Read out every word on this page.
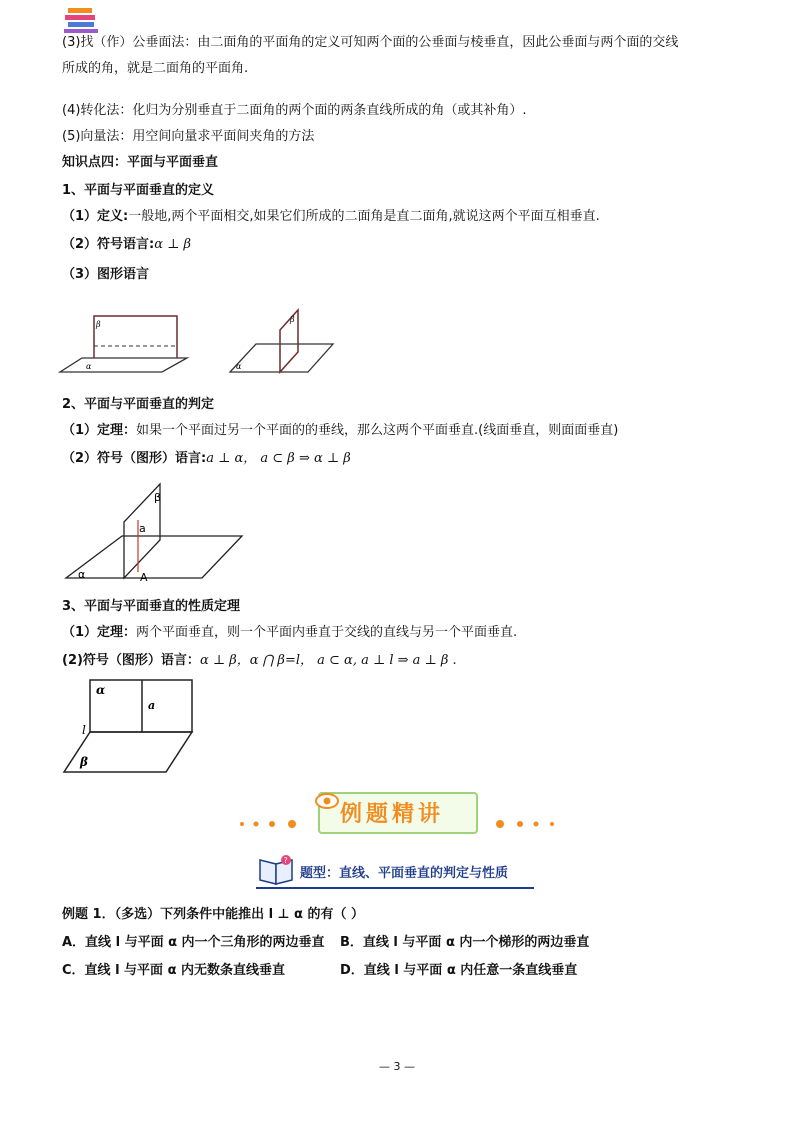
(3)找（作）公垂面法：由二面角的平面角的定义可知两个面的公垂面与棱垂直，因此公垂面与两个面的交线
所成的角，就是二面角的平面角.
(4)转化法：化归为分别垂直于二面角的两个面的两条直线所成的角（或其补角）.
(5)向量法：用空间向量求平面间夹角的方法
知识点四：平面与平面垂直
1、平面与平面垂直的定义
（1）定义:一般地,两个平面相交,如果它们所成的二面角是直二面角,就说这两个平面互相垂直.
（2）符号语言:α ⊥ β
（3）图形语言
β
α
β
α
2、平面与平面垂直的判定
（1）定理：如果一个平面过另一个平面的的垂线，那么这两个平面垂直.(线面垂直，则面面垂直)
（2）符号（图形）语言:a ⊥ α， a ⊂ β ⇒ α ⊥ β
β
a
α	A
3、平面与平面垂直的性质定理
（1）定理：两个平面垂直，则一个平面内垂直于交线的直线与另一个平面垂直.
(2)符号（图形）语言：α ⊥ β，α ⋂ β=l， a ⊂ α, a ⊥ l ⇒ a ⊥ β .
α
a
l
β
例题精讲
?
题型：直线、平面垂直的判定与性质
例题 1．（多选）下列条件中能推出 l ⊥ α 的有（ ）
A．直线 l 与平面 α 内一个三角形的两边垂直 B．直线 l 与平面 α 内一个梯形的两边垂直
C．直线 l 与平面 α 内无数条直线垂直	D．直线 l 与平面 α 内任意一条直线垂直
— 3 —
